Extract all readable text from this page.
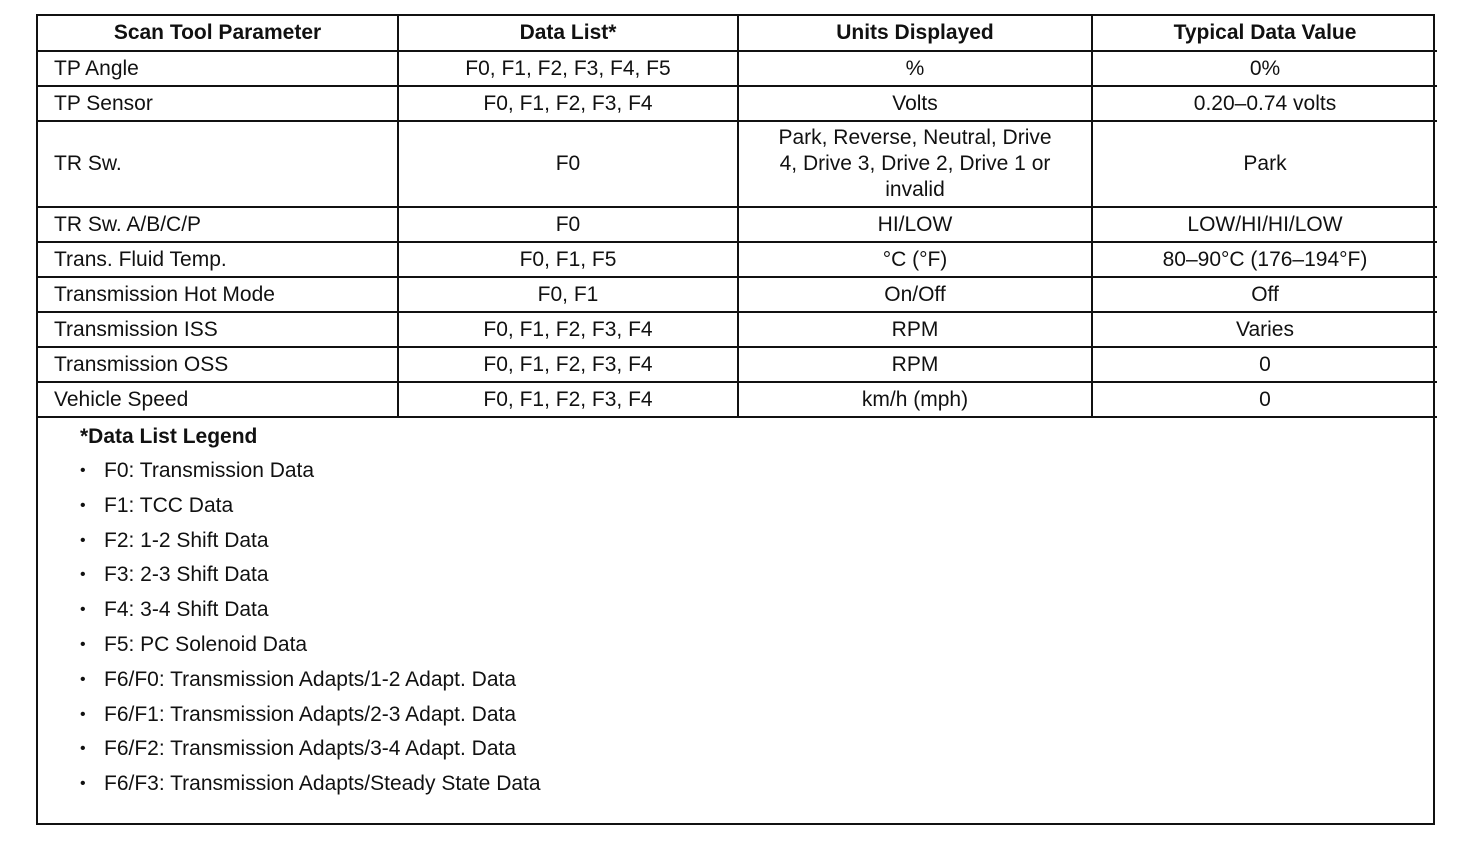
Scan Tool Parameter	Data List*	Units Displayed	Typical Data Value
TP Angle	F0, F1, F2, F3, F4, F5	%	0%
TP Sensor	F0, F1, F2, F3, F4	Volts	0.20–0.74 volts
TR Sw.	F0	Park, Reverse, Neutral, Drive 4, Drive 3, Drive 2, Drive 1 or invalid	Park
TR Sw. A/B/C/P	F0	HI/LOW	LOW/HI/HI/LOW
Trans. Fluid Temp.	F0, F1, F5	°C (°F)	80–90°C (176–194°F)
Transmission Hot Mode	F0, F1	On/Off	Off
Transmission ISS	F0, F1, F2, F3, F4	RPM	Varies
Transmission OSS	F0, F1, F2, F3, F4	RPM	0
Vehicle Speed	F0, F1, F2, F3, F4	km/h (mph)	0
*Data List Legend
• F0: Transmission Data
• F1: TCC Data
• F2: 1-2 Shift Data
• F3: 2-3 Shift Data
• F4: 3-4 Shift Data
• F5: PC Solenoid Data
• F6/F0: Transmission Adapts/1-2 Adapt. Data
• F6/F1: Transmission Adapts/2-3 Adapt. Data
• F6/F2: Transmission Adapts/3-4 Adapt. Data
• F6/F3: Transmission Adapts/Steady State Data
